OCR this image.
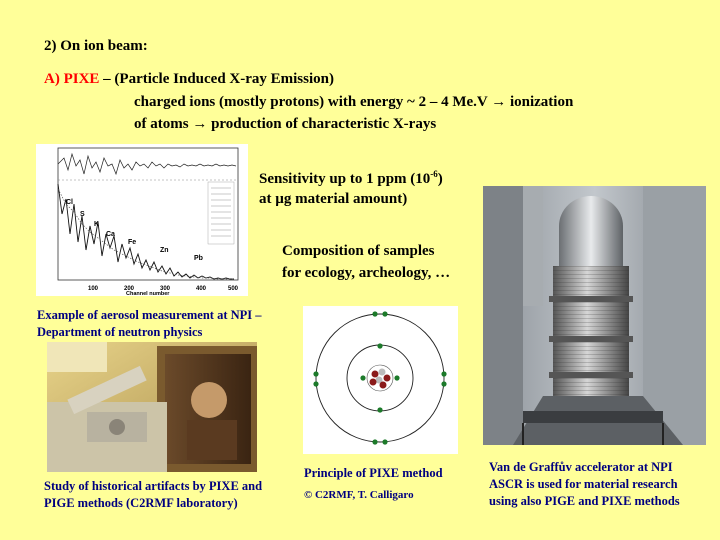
2) On ion beam:
A) PIXE – (Particle Induced X-ray Emission)
charged ions (mostly protons) with energy ~ 2 – 4 Me.V → ionization
of atoms → production of characteristic X-rays
Cl
S
K
Ca
Fe
Zn
Pb
100	200	300	400	500
Channel number
Sensitivity up to 1 ppm $(10^{-6})$
at µg material amount)
Composition of samples
for ecology, archeology, …
Example of aerosol measurement at NPI – Department of neutron physics
Study of historical artifacts by PIXE and PIGE methods (C2RMF laboratory)
Principle of PIXE method
© C2RMF, T. Calligaro
Van de Graffův accelerator at NPI
ASCR is used for material research
using also PIGE and PIXE methods
